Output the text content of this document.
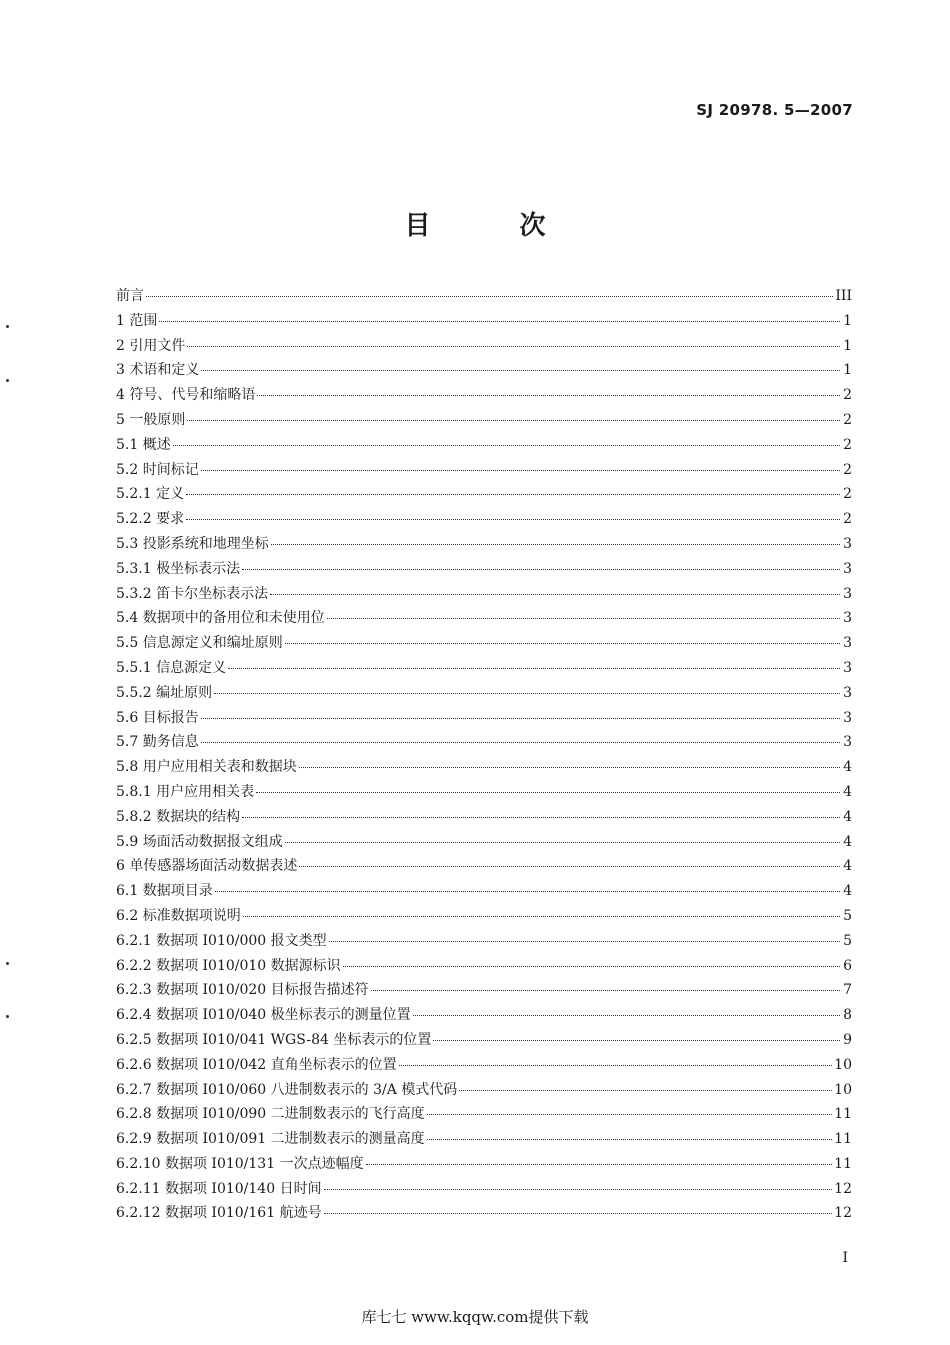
SJ 20978. 5—2007
目 次
前言	III
1 范围	1
2 引用文件	1
3 术语和定义	1
4 符号、代号和缩略语	2
5 一般原则	2
5.1 概述	2
5.2 时间标记	2
5.2.1 定义	2
5.2.2 要求	2
5.3 投影系统和地理坐标	3
5.3.1 极坐标表示法	3
5.3.2 笛卡尔坐标表示法	3
5.4 数据项中的备用位和未使用位	3
5.5 信息源定义和编址原则	3
5.5.1 信息源定义	3
5.5.2 编址原则	3
5.6 目标报告	3
5.7 勤务信息	3
5.8 用户应用相关表和数据块	4
5.8.1 用户应用相关表	4
5.8.2 数据块的结构	4
5.9 场面活动数据报文组成	4
6 单传感器场面活动数据表述	4
6.1 数据项目录	4
6.2 标准数据项说明	5
6.2.1 数据项 I010/000 报文类型	5
6.2.2 数据项 I010/010 数据源标识	6
6.2.3 数据项 I010/020 目标报告描述符	7
6.2.4 数据项 I010/040 极坐标表示的测量位置	8
6.2.5 数据项 I010/041 WGS-84 坐标表示的位置	9
6.2.6 数据项 I010/042 直角坐标表示的位置	10
6.2.7 数据项 I010/060 八进制数表示的 3/A 模式代码	10
6.2.8 数据项 I010/090 二进制数表示的飞行高度	11
6.2.9 数据项 I010/091 二进制数表示的测量高度	11
6.2.10 数据项 I010/131 一次点迹幅度	11
6.2.11 数据项 I010/140 日时间	12
6.2.12 数据项 I010/161 航迹号	12
I
库七七 www.kqqw.com提供下载
